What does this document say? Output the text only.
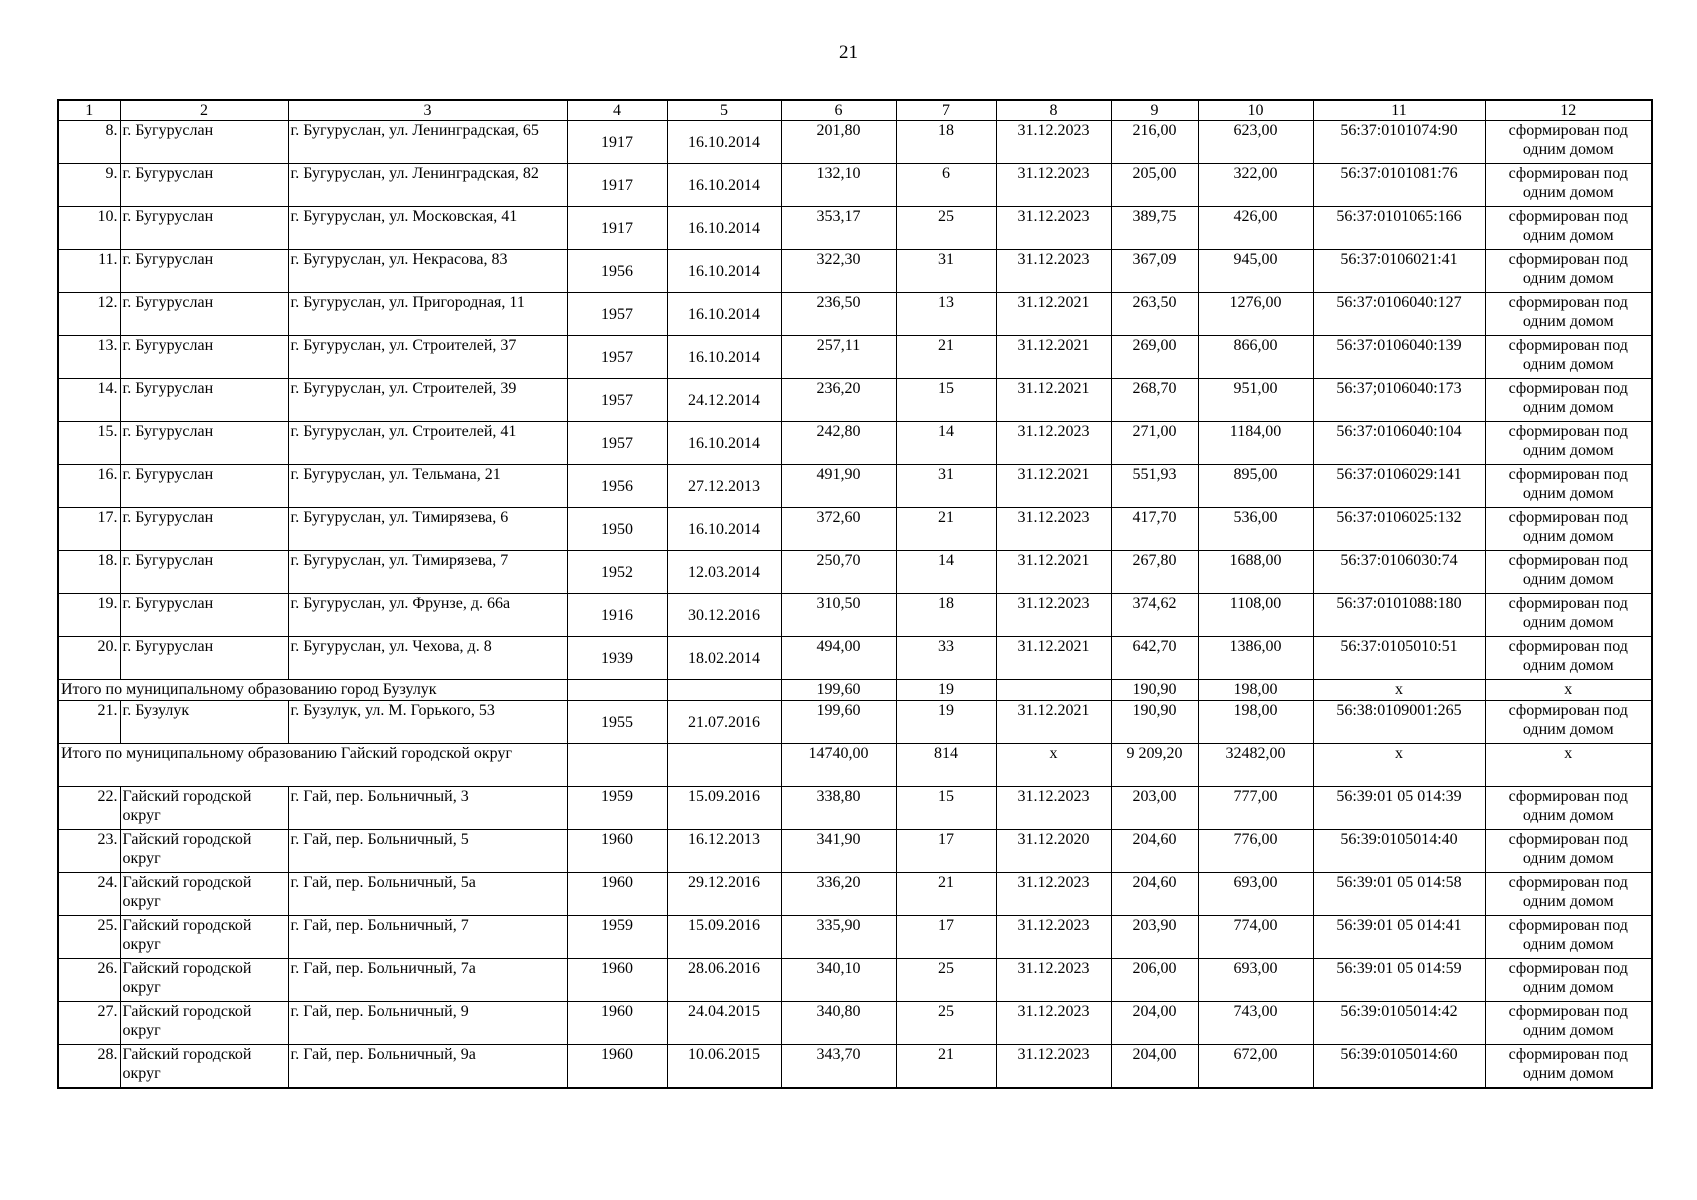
21
1	2	3	4	5	6	7	8	9	10	11	12
8.	г. Бугуруслан	г. Бугуруслан, ул. Ленинградская, 65	1917	16.10.2014	201,80	18	31.12.2023	216,00	623,00	56:37:0101074:90	сформирован под одним домом
9.	г. Бугуруслан	г. Бугуруслан, ул. Ленинградская, 82	1917	16.10.2014	132,10	6	31.12.2023	205,00	322,00	56:37:0101081:76	сформирован под одним домом
10.	г. Бугуруслан	г. Бугуруслан, ул. Московская, 41	1917	16.10.2014	353,17	25	31.12.2023	389,75	426,00	56:37:0101065:166	сформирован под одним домом
11.	г. Бугуруслан	г. Бугуруслан, ул. Некрасова, 83	1956	16.10.2014	322,30	31	31.12.2023	367,09	945,00	56:37:0106021:41	сформирован под одним домом
12.	г. Бугуруслан	г. Бугуруслан, ул. Пригородная, 11	1957	16.10.2014	236,50	13	31.12.2021	263,50	1276,00	56:37:0106040:127	сформирован под одним домом
13.	г. Бугуруслан	г. Бугуруслан, ул. Строителей, 37	1957	16.10.2014	257,11	21	31.12.2021	269,00	866,00	56:37:0106040:139	сформирован под одним домом
14.	г. Бугуруслан	г. Бугуруслан, ул. Строителей, 39	1957	24.12.2014	236,20	15	31.12.2021	268,70	951,00	56:37;0106040:173	сформирован под одним домом
15.	г. Бугуруслан	г. Бугуруслан, ул. Строителей, 41	1957	16.10.2014	242,80	14	31.12.2023	271,00	1184,00	56:37:0106040:104	сформирован под одним домом
16.	г. Бугуруслан	г. Бугуруслан, ул. Тельмана, 21	1956	27.12.2013	491,90	31	31.12.2021	551,93	895,00	56:37:0106029:141	сформирован под одним домом
17.	г. Бугуруслан	г. Бугуруслан, ул. Тимирязева, 6	1950	16.10.2014	372,60	21	31.12.2023	417,70	536,00	56:37:0106025:132	сформирован под одним домом
18.	г. Бугуруслан	г. Бугуруслан, ул. Тимирязева, 7	1952	12.03.2014	250,70	14	31.12.2021	267,80	1688,00	56:37:0106030:74	сформирован под одним домом
19.	г. Бугуруслан	г. Бугуруслан, ул. Фрунзе, д. 66а	1916	30.12.2016	310,50	18	31.12.2023	374,62	1108,00	56:37:0101088:180	сформирован под одним домом
20.	г. Бугуруслан	г. Бугуруслан, ул. Чехова, д. 8	1939	18.02.2014	494,00	33	31.12.2021	642,70	1386,00	56:37:0105010:51	сформирован под одним домом
Итого по муниципальному образованию город Бузулук					199,60	19		190,90	198,00	x	x
21.	г. Бузулук	г. Бузулук, ул. М. Горького, 53	1955	21.07.2016	199,60	19	31.12.2021	190,90	198,00	56:38:0109001:265	сформирован под одним домом
Итого по муниципальному образованию Гайский городской округ					14740,00	814	x	9 209,20	32482,00	x	x
22.	Гайский городской округ	г. Гай, пер. Больничный, 3	1959	15.09.2016	338,80	15	31.12.2023	203,00	777,00	56:39:01 05 014:39	сформирован под одним домом
23.	Гайский городской округ	г. Гай, пер. Больничный, 5	1960	16.12.2013	341,90	17	31.12.2020	204,60	776,00	56:39:0105014:40	сформирован под одним домом
24.	Гайский городской округ	г. Гай, пер. Больничный, 5а	1960	29.12.2016	336,20	21	31.12.2023	204,60	693,00	56:39:01 05 014:58	сформирован под одним домом
25.	Гайский городской округ	г. Гай, пер. Больничный, 7	1959	15.09.2016	335,90	17	31.12.2023	203,90	774,00	56:39:01 05 014:41	сформирован под одним домом
26.	Гайский городской округ	г. Гай, пер. Больничный, 7а	1960	28.06.2016	340,10	25	31.12.2023	206,00	693,00	56:39:01 05 014:59	сформирован под одним домом
27.	Гайский городской округ	г. Гай, пер. Больничный, 9	1960	24.04.2015	340,80	25	31.12.2023	204,00	743,00	56:39:0105014:42	сформирован под одним домом
28.	Гайский городской округ	г. Гай, пер. Больничный, 9а	1960	10.06.2015	343,70	21	31.12.2023	204,00	672,00	56:39:0105014:60	сформирован под одним домом
